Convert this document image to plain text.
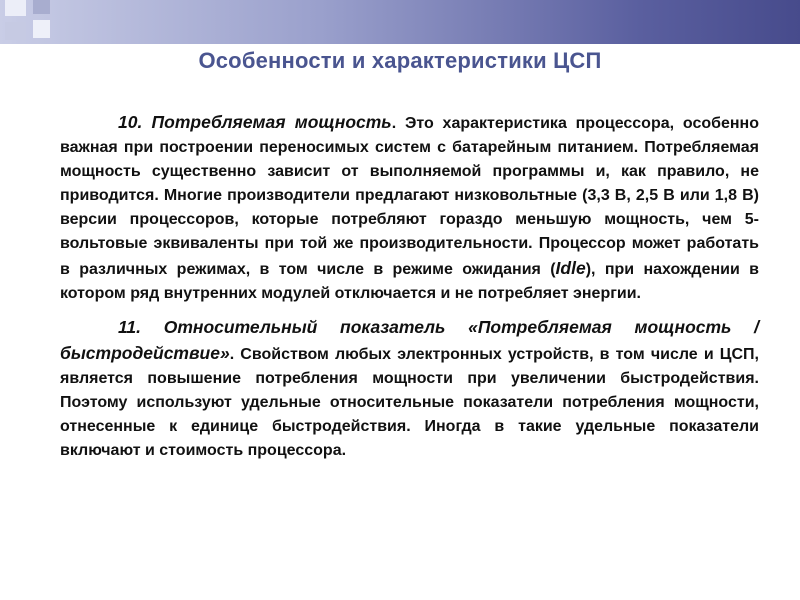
Особенности и характеристики ЦСП

10. Потребляемая мощность. Это характеристика процессора, особенно важная при построении переносимых систем с батарейным питанием. Потребляемая мощность существенно зависит от выполняемой программы и, как правило, не приводится. Многие производители предлагают низковольтные (3,3 В, 2,5 В или 1,8 В) версии процессоров, которые потребляют гораздо меньшую мощность, чем 5-вольтовые эквиваленты при той же производительности. Процессор может работать в различных режимах, в том числе в режиме ожидания (Idle), при нахождении в котором ряд внутренних модулей отключается и не потребляет энергии.

11. Относительный показатель «Потребляемая мощность / быстродействие». Свойством любых электронных устройств, в том числе и ЦСП, является повышение потребления мощности при увеличении быстродействия. Поэтому используют удельные относительные показатели потребления мощности, отнесенные к единице быстродействия. Иногда в такие удельные показатели включают и стоимость процессора.
